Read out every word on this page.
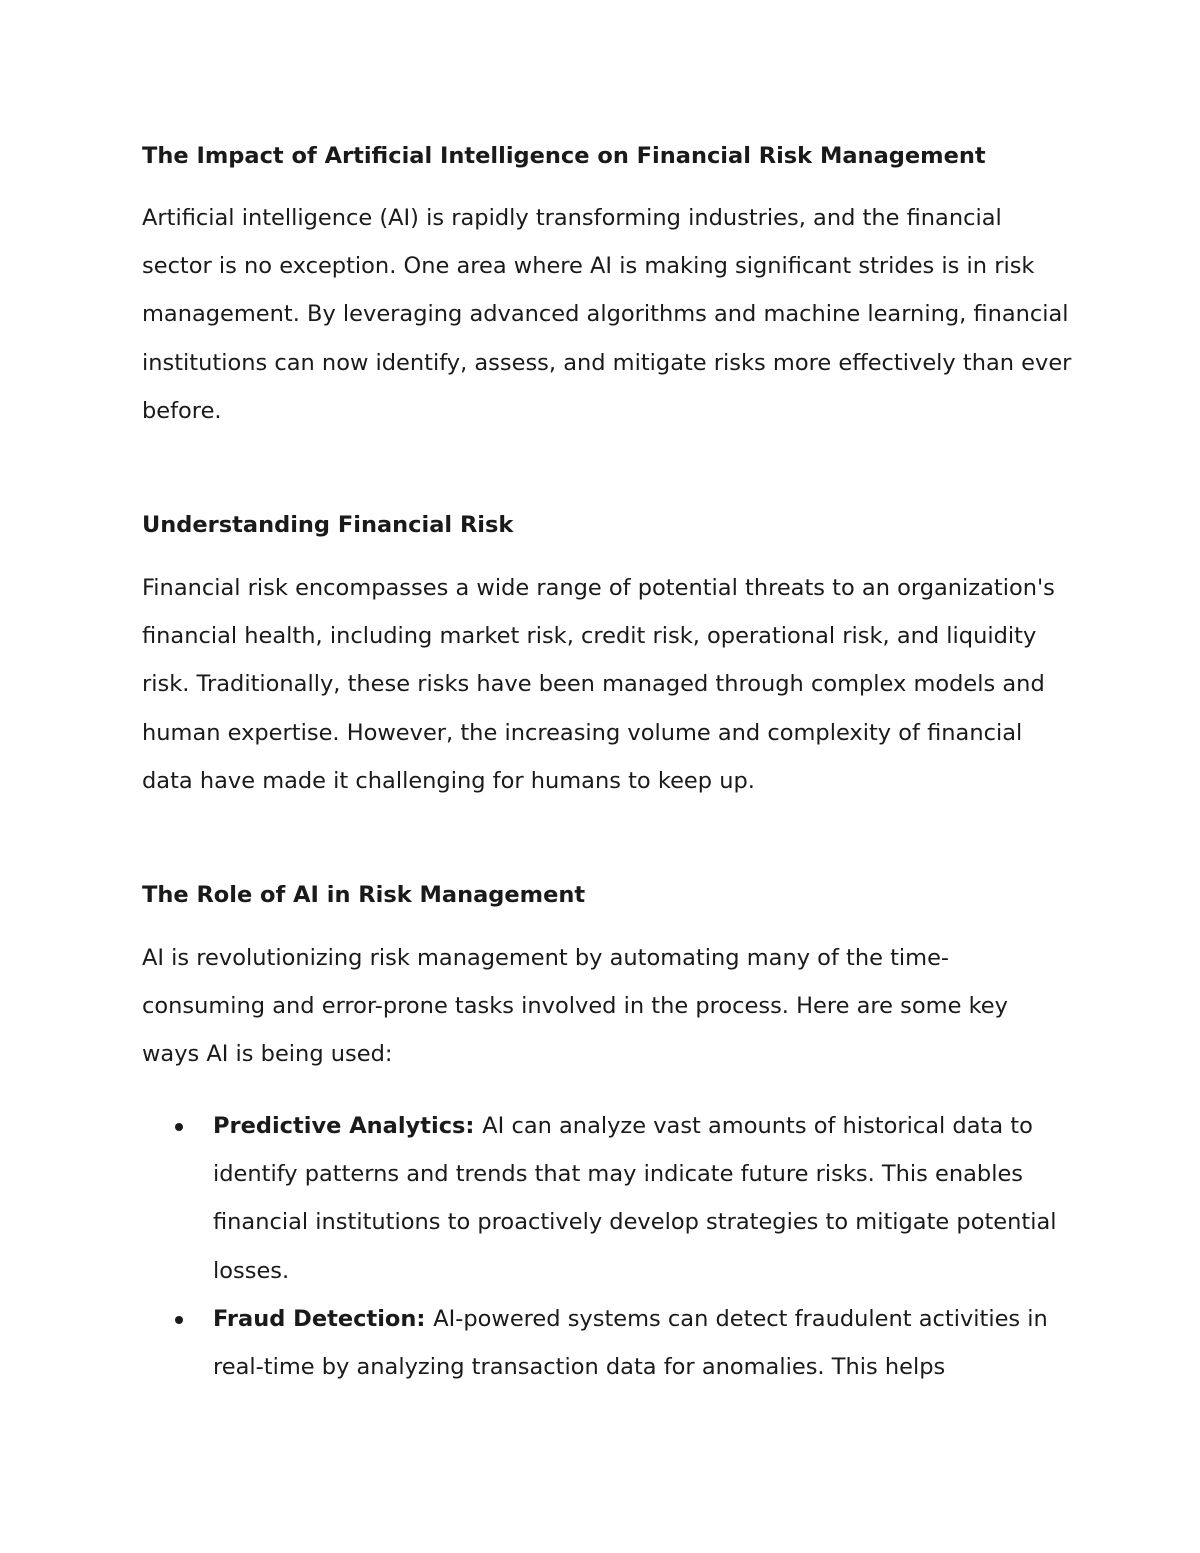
The Impact of Artificial Intelligence on Financial Risk Management

Artificial intelligence (AI) is rapidly transforming industries, and the financial sector is no exception. One area where AI is making significant strides is in risk management. By leveraging advanced algorithms and machine learning, financial institutions can now identify, assess, and mitigate risks more effectively than ever before.

Understanding Financial Risk

Financial risk encompasses a wide range of potential threats to an organization's financial health, including market risk, credit risk, operational risk, and liquidity risk. Traditionally, these risks have been managed through complex models and human expertise. However, the increasing volume and complexity of financial data have made it challenging for humans to keep up.

The Role of AI in Risk Management

AI is revolutionizing risk management by automating many of the time-consuming and error-prone tasks involved in the process. Here are some key ways AI is being used:

Predictive Analytics: AI can analyze vast amounts of historical data to identify patterns and trends that may indicate future risks. This enables financial institutions to proactively develop strategies to mitigate potential losses.
Fraud Detection: AI-powered systems can detect fraudulent activities in real-time by analyzing transaction data for anomalies. This helps
